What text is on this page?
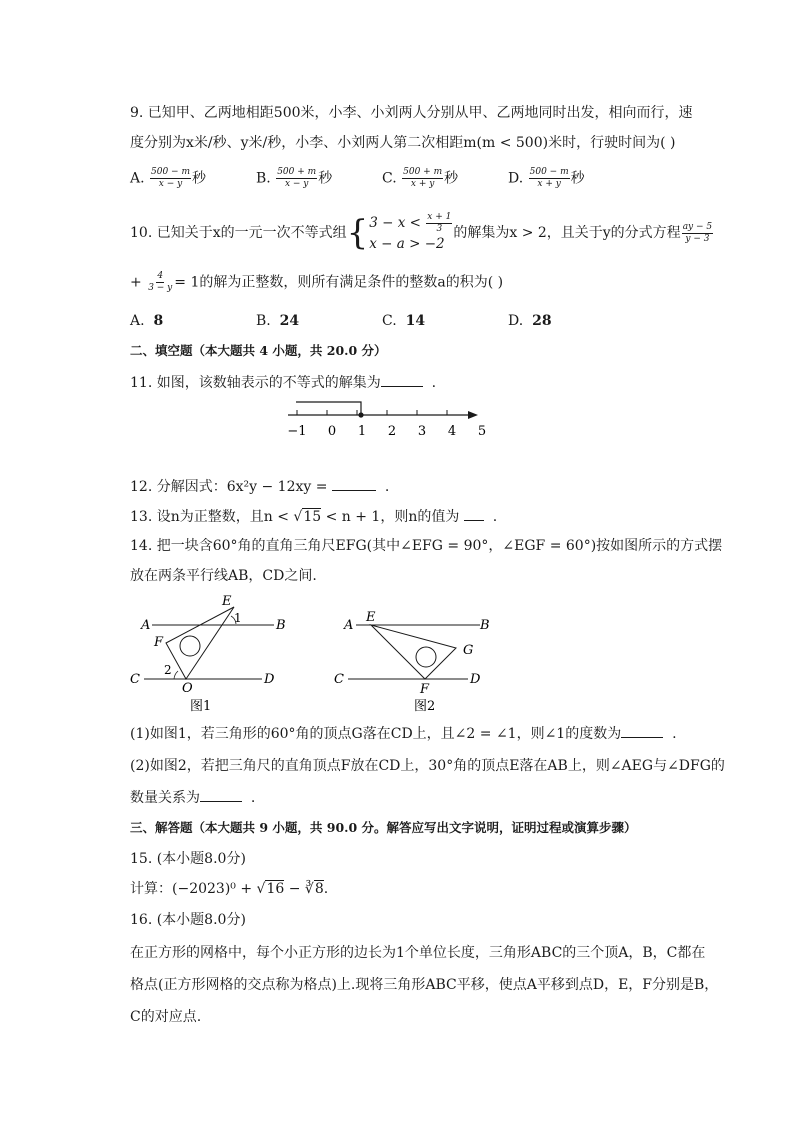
9. 已知甲、乙两地相距500米，小李、小刘两人分别从甲、乙两地同时出发，相向而行，速
度分别为x米/秒、y米/秒，小李、小刘两人第二次相距m(m < 500)米时，行驶时间为( )
A. $\frac{500 - m}{x - y}$ 秒	B. $\frac{500 + m}{x - y}$ 秒	C. $\frac{500 + m}{x + y}$ 秒	D. $\frac{500 - m}{x + y}$ 秒
10. 已知关于x的一元一次不等式组 { $3 - x < \frac{x + 1}{3}$
x − a > −2
的解集为x > 2，且关于y的分式方程 $\frac{ay - 5}{y - 3}$
+ $\frac{4}{3 - y} = 1$的解为正整数，则所有满足条件的整数a的积为( )
A. 8	B. 24	C. 14	D. 28
二、填空题（本大题共 4 小题，共 20.0 分）
11. 如图，该数轴表示的不等式的解集为	.
−1 0 1 2 3 4 5
12. 分解因式：6x²y − 12xy =	.
13. 设n为正整数，且n < √15 < n + 1，则n的值为 .
14. 把一块含60°角的直角三角尺EFG(其中∠EFG = 90°，∠EGF = 60°)按如图所示的方式摆
放在两条平行线AB，CD之间.
A	B
C	D
E
F
O
1
2
图1
A	B
C	D
E
F
G
图2
(1)如图1，若三角形的60°角的顶点G落在CD上，且∠2 = ∠1，则∠1的度数为	.
(2)如图2，若把三角尺的直角顶点F放在CD上，30°角的顶点E落在AB上，则∠AEG与∠DFG的
数量关系为	.
三、解答题（本大题共 9 小题，共 90.0 分。解答应写出文字说明，证明过程或演算步骤）
15. (本小题8.0分)
计算：(−2023)⁰ + √16 − ∛8.
16. (本小题8.0分)
在正方形的网格中，每个小正方形的边长为1个单位长度，三角形ABC的三个顶A，B，C都在
格点(正方形网格的交点称为格点)上.现将三角形ABC平移，使点A平移到点D，E，F分别是B，
C的对应点.
